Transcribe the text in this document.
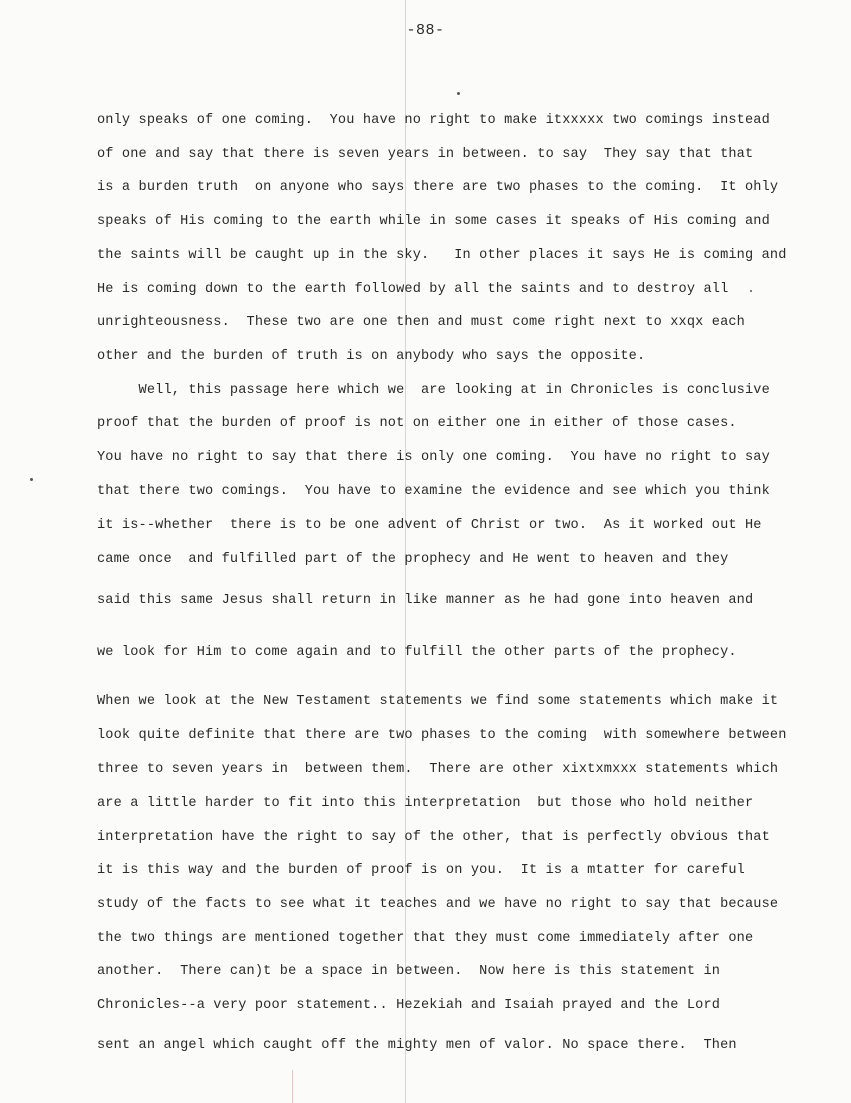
-88-
only speaks of one coming.  You have no right to make itxxxxx two comings instead
of one and say that there is seven years in between. to say  They say that that
is a burden truth  on anyone who says there are two phases to the coming.  It ohly
speaks of His coming to the earth while in some cases it speaks of His coming and
the saints will be caught up in the sky.   In other places it says He is coming and
He is coming down to the earth followed by all the saints and to destroy all
unrighteousness.  These two are one then and must come right next to xxqx each
other and the burden of truth is on anybody who says the opposite.
Well, this passage here which we  are looking at in Chronicles is conclusive
proof that the burden of proof is not on either one in either of those cases.
You have no right to say that there is only one coming.  You have no right to say
that there two comings.  You have to examine the evidence and see which you think
it is--whether  there is to be one advent of Christ or two.  As it worked out He
came once  and fulfilled part of the prophecy and He went to heaven and they
said this same Jesus shall return in like manner as he had gone into heaven and
we look for Him to come again and to fulfill the other parts of the prophecy.
When we look at the New Testament statements we find some statements which make it
look quite definite that there are two phases to the coming  with somewhere between
three to seven years in  between them.  There are other xixtxmxxx statements which
are a little harder to fit into this interpretation  but those who hold neither
interpretation have the right to say of the other, that is perfectly obvious that
it is this way and the burden of proof is on you.  It is a mtatter for careful
study of the facts to see what it teaches and we have no right to say that because
the two things are mentioned together that they must come immediately after one
another.  There can)t be a space in between.  Now here is this statement in
Chronicles--a very poor statement.. Hezekiah and Isaiah prayed and the Lord
sent an angel which caught off the mighty men of valor. No space there.  Then
